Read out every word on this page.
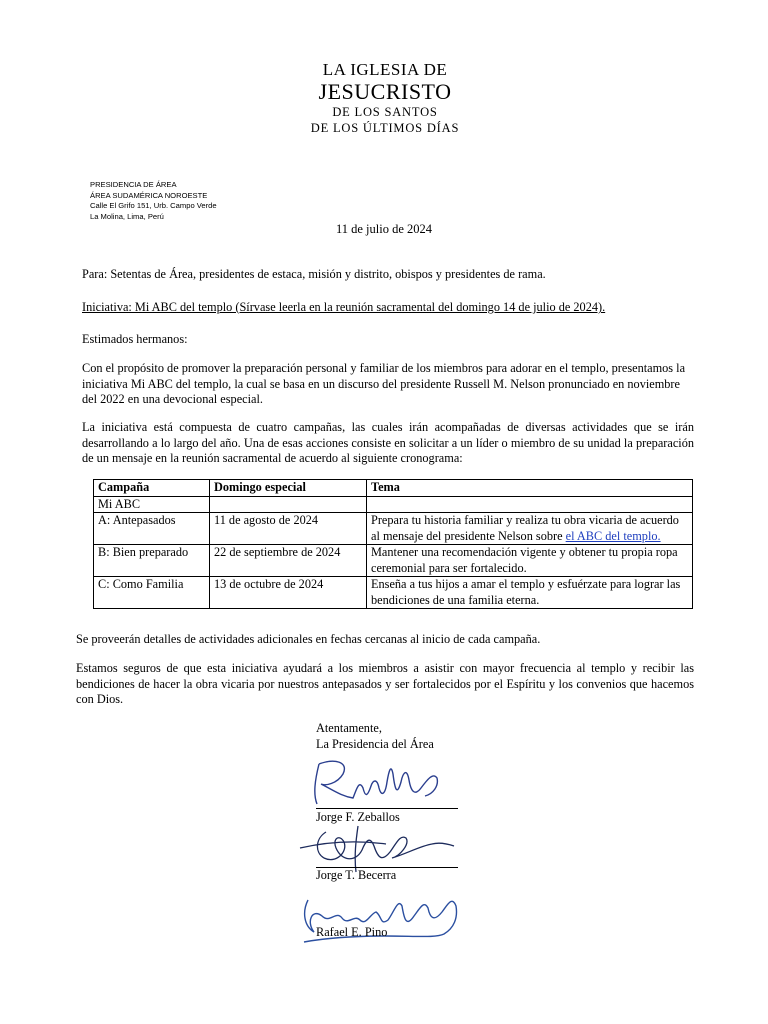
LA IGLESIA DE
JESUCRISTO
DE LOS SANTOS
DE LOS ÚLTIMOS DÍAS
PRESIDENCIA DE ÁREA
ÁREA SUDAMÉRICA NOROESTE
Calle El Grifo 151, Urb. Campo Verde
La Molina, Lima, Perú
11 de julio de 2024
Para: Setentas de Área, presidentes de estaca, misión y distrito, obispos y presidentes de rama.
Iniciativa: Mi ABC del templo (Sírvase leerla en la reunión sacramental del domingo 14 de julio de 2024).
Estimados hermanos:
Con el propósito de promover la preparación personal y familiar de los miembros para adorar en el templo, presentamos la iniciativa Mi ABC del templo, la cual se basa en un discurso del presidente Russell M. Nelson pronunciado en noviembre del 2022 en una devocional especial.
La iniciativa está compuesta de cuatro campañas, las cuales irán acompañadas de diversas actividades que se irán desarrollando a lo largo del año. Una de esas acciones consiste en solicitar a un líder o miembro de su unidad la preparación de un mensaje en la reunión sacramental de acuerdo al siguiente cronograma:
Campaña	Domingo especial	Tema
Mi ABC		
A: Antepasados	11 de agosto de 2024	Prepara tu historia familiar y realiza tu obra vicaria de acuerdo al mensaje del presidente Nelson sobre el ABC del templo.
B: Bien preparado	22 de septiembre de 2024	Mantener una recomendación vigente y obtener tu propia ropa ceremonial para ser fortalecido.
C: Como Familia	13 de octubre de 2024	Enseña a tus hijos a amar el templo y esfuérzate para lograr las bendiciones de una familia eterna.
Se proveerán detalles de actividades adicionales en fechas cercanas al inicio de cada campaña.
Estamos seguros de que esta iniciativa ayudará a los miembros a asistir con mayor frecuencia al templo y recibir las bendiciones de hacer la obra vicaria por nuestros antepasados y ser fortalecidos por el Espíritu y los convenios que hacemos con Dios.
Atentamente,
La Presidencia del Área
Jorge F. Zeballos
Jorge T. Becerra
Rafael E. Pino
